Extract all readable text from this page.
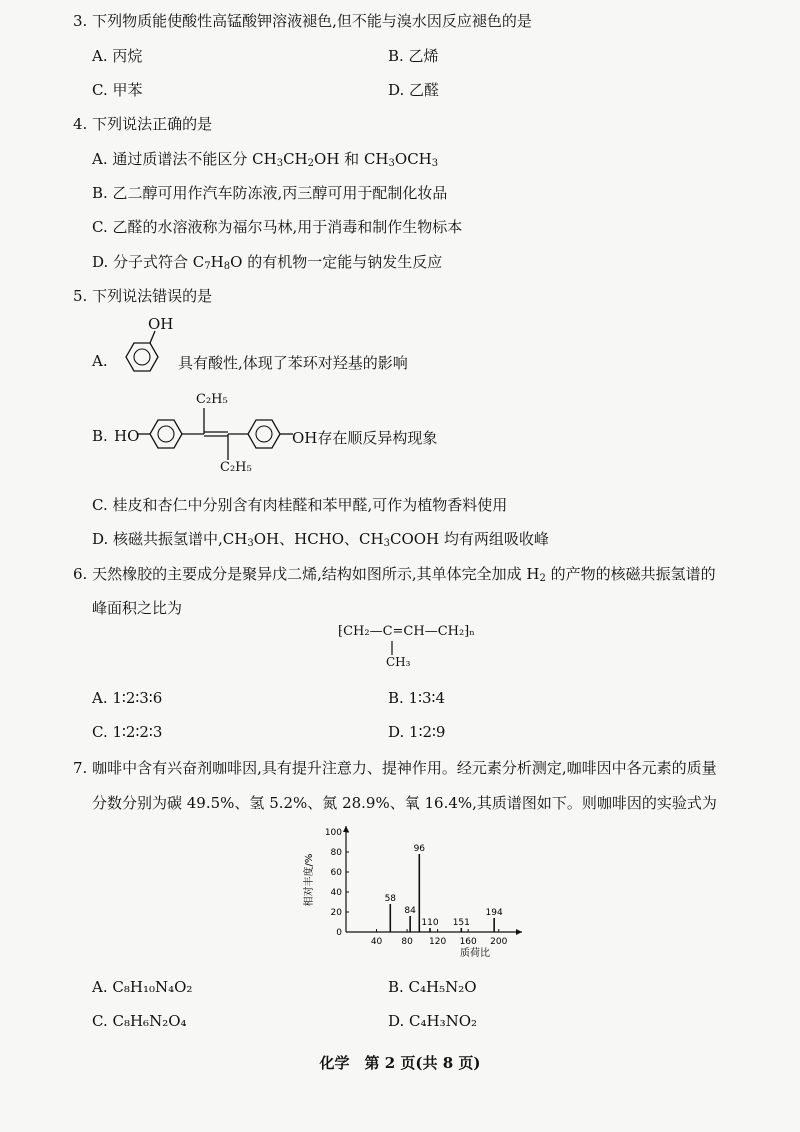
3. 下列物质能使酸性高锰酸钾溶液褪色,但不能与溴水因反应褪色的是
A. 丙烷	B. 乙烯
C. 甲苯	D. 乙醛
4. 下列说法正确的是
A. 通过质谱法不能区分 $CH_3CH_2OH$ 和 $CH_3OCH_3$
B. 乙二醇可用作汽车防冻液,丙三醇可用于配制化妆品
C. 乙醛的水溶液称为福尔马林,用于消毒和制作生物标本
D. 分子式符合 $C_7H_8O$ 的有机物一定能与钠发生反应
5. 下列说法错误的是
A.
OH
具有酸性,体现了苯环对羟基的影响
B. HO
C₂H₅
C₂H₅
OH存在顺反异构现象
C. 桂皮和杏仁中分别含有肉桂醛和苯甲醛,可作为植物香料使用
D. 核磁共振氢谱中$,CH_3OH$、HCHO、$CH_3COOH$ 均有两组吸收峰
6. 天然橡胶的主要成分是聚异戊二烯,结构如图所示,其单体完全加成 $H_2$ 的产物的核磁共振氢谱的
峰面积之比为
⁅CH₂—C=CH—CH₂⁆ₙ
CH₃
A. 1∶2∶3∶6	B. 1∶3∶4
C. 1∶2∶2∶3	D. 1∶2∶9
7. 咖啡中含有兴奋剂咖啡因,具有提升注意力、提神作用。经元素分析测定,咖啡因中各元素的质量
分数分别为碳 49.5%、氢 5.2%、氮 28.9%、氧 16.4%,其质谱图如下。则咖啡因的实验式为
相对丰度/%
100
80
60
40
20
0
40 80 120 160 200
58
84
96
110 151
194
质荷比
A. C₈H₁₀N₄O₂	B. C₄H₅N₂O
C. C₈H₆N₂O₄	D. C₄H₃NO₂
化学　第 2 页(共 8 页)
